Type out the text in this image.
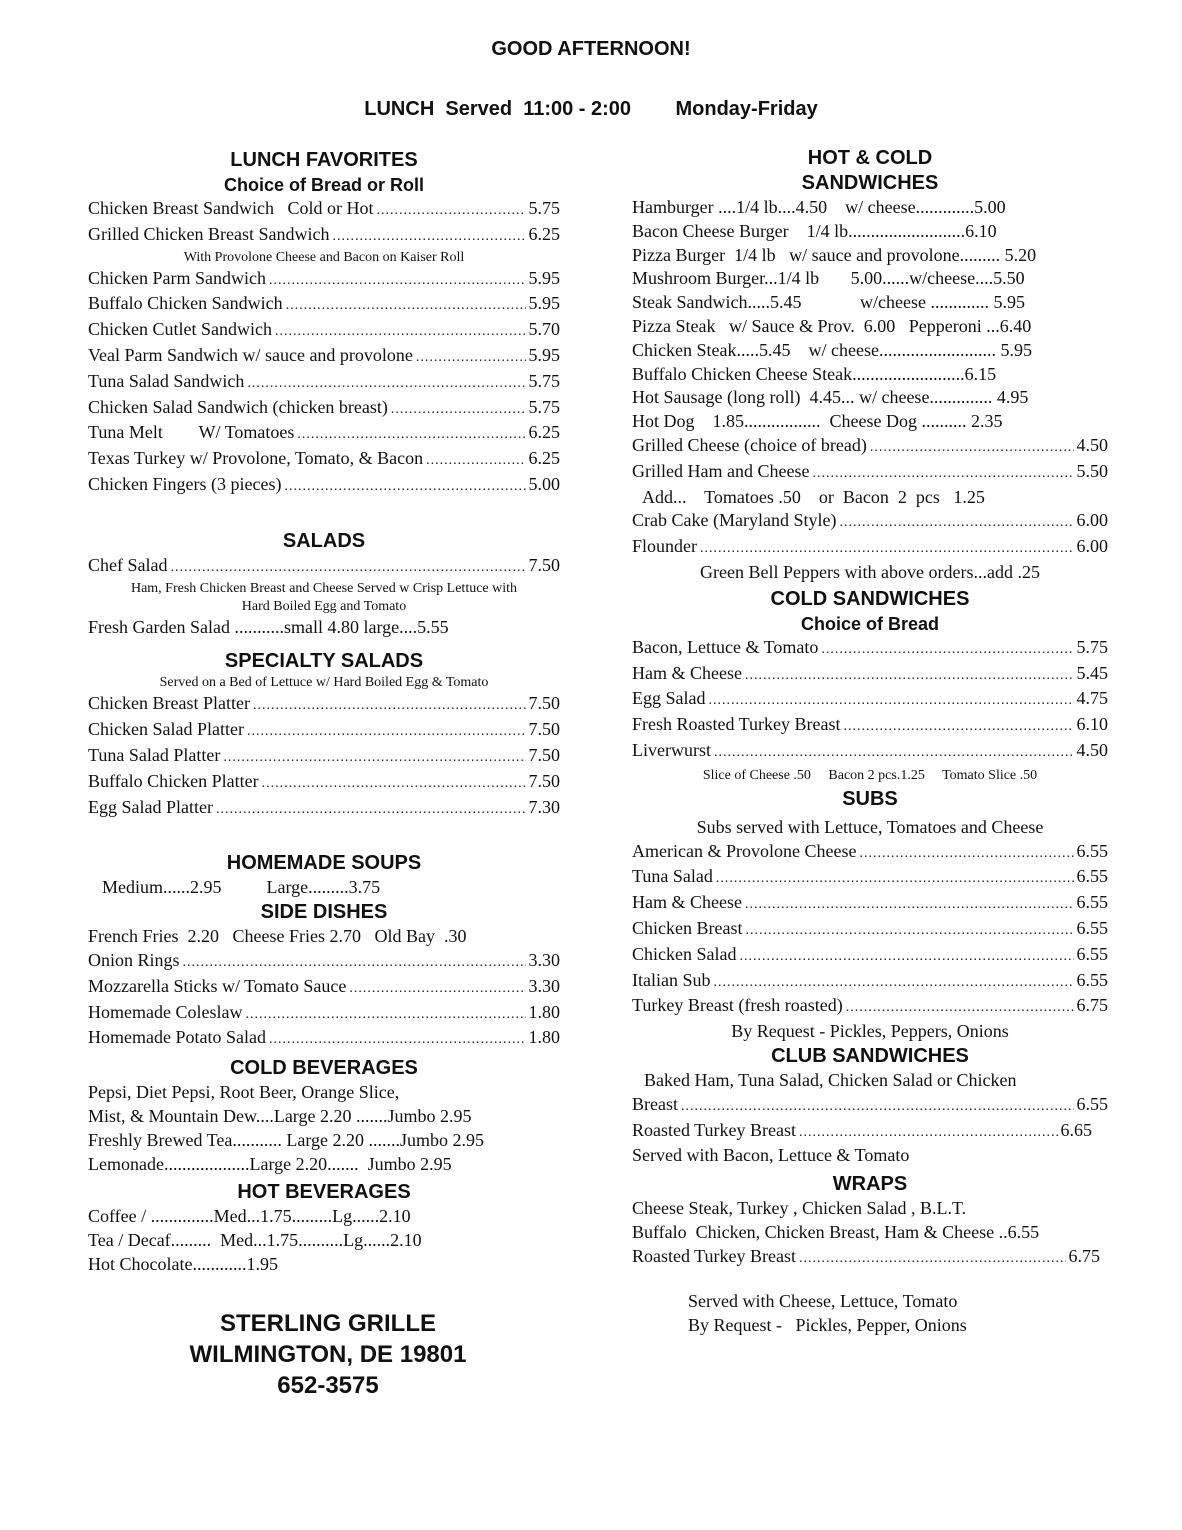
GOOD AFTERNOON!
LUNCH  Served  11:00 - 2:00        Monday-Friday
LUNCH FAVORITES
Choice of Bread or Roll
Chicken Breast Sandwich   Cold or Hot .....	5.75
Grilled Chicken Breast Sandwich .....	6.25
With Provolone Cheese and Bacon on Kaiser Roll
Chicken Parm Sandwich .....	5.95
Buffalo Chicken Sandwich .....	5.95
Chicken Cutlet Sandwich .....	5.70
Veal Parm Sandwich w/ sauce and provolone .....	5.95
Tuna Salad Sandwich .....	5.75
Chicken Salad Sandwich (chicken breast) .....	5.75
Tuna Melt        W/ Tomatoes .....	6.25
Texas Turkey w/ Provolone, Tomato, & Bacon .....	6.25
Chicken Fingers (3 pieces) .....	5.00
SALADS
Chef Salad .....	7.50
Ham, Fresh Chicken Breast and Cheese Served w Crisp Lettuce with Hard Boiled Egg and Tomato
Fresh Garden Salad ...........small 4.80 large....5.55
SPECIALTY SALADS
Served on a Bed of Lettuce w/ Hard Boiled Egg & Tomato
Chicken Breast Platter .....	7.50
Chicken Salad Platter .....	7.50
Tuna Salad Platter .....	7.50
Buffalo Chicken Platter .....	7.50
Egg Salad Platter .....	7.30
HOMEMADE SOUPS
Medium......2.95          Large.........3.75
SIDE DISHES
French Fries  2.20   Cheese Fries 2.70   Old Bay  .30
Onion Rings .....	3.30
Mozzarella Sticks w/ Tomato Sauce .....	3.30
Homemade Coleslaw .....	1.80
Homemade Potato Salad .....	1.80
COLD BEVERAGES
Pepsi, Diet Pepsi, Root Beer, Orange Slice,
Mist, & Mountain Dew....Large 2.20 .......Jumbo 2.95
Freshly Brewed Tea........... Large 2.20 .......Jumbo 2.95
Lemonade...................Large 2.20.......  Jumbo 2.95
HOT BEVERAGES
Coffee / ..............Med...1.75.........Lg......2.10
Tea / Decaf.........  Med...1.75..........Lg......2.10
Hot Chocolate............1.95
STERLING GRILLE
WILMINGTON, DE 19801
652-3575
HOT & COLD
SANDWICHES
Hamburger ....1/4 lb....4.50    w/ cheese.............5.00
Bacon Cheese Burger    1/4 lb..........................6.10
Pizza Burger  1/4 lb   w/ sauce and provolone......... 5.20
Mushroom Burger...1/4 lb       5.00......w/cheese....5.50
Steak Sandwich.....5.45             w/cheese ............. 5.95
Pizza Steak   w/ Sauce & Prov.  6.00   Pepperoni ...6.40
Chicken Steak.....5.45    w/ cheese.......................... 5.95
Buffalo Chicken Cheese Steak.........................6.15
Hot Sausage (long roll)  4.45... w/ cheese.............. 4.95
Hot Dog    1.85.................  Cheese Dog .......... 2.35
Grilled Cheese (choice of bread) .....	4.50
Grilled Ham and Cheese .....	5.50
Add...    Tomatoes .50    or  Bacon  2  pcs   1.25
Crab Cake (Maryland Style) .....	6.00
Flounder .....	6.00
Green Bell Peppers with above orders...add .25
COLD SANDWICHES
Choice of Bread
Bacon, Lettuce & Tomato .....	5.75
Ham & Cheese .....	5.45
Egg Salad .....	4.75
Fresh Roasted Turkey Breast .....	6.10
Liverwurst .....	4.50
Slice of Cheese .50     Bacon 2 pcs.1.25     Tomato Slice .50
SUBS
Subs served with Lettuce, Tomatoes and Cheese
American & Provolone Cheese .....	6.55
Tuna Salad .....	6.55
Ham & Cheese .....	6.55
Chicken Breast .....	6.55
Chicken Salad .....	6.55
Italian Sub .....	6.55
Turkey Breast (fresh roasted) .....	6.75
By Request - Pickles, Peppers, Onions
CLUB SANDWICHES
Baked Ham, Tuna Salad, Chicken Salad or Chicken
Breast .....	6.55
Roasted Turkey Breast .....	6.65
Served with Bacon, Lettuce & Tomato
WRAPS
Cheese Steak, Turkey , Chicken Salad , B.L.T.
Buffalo  Chicken, Chicken Breast, Ham & Cheese ..6.55
Roasted Turkey Breast .....	6.75
Served with Cheese, Lettuce, Tomato
By Request -   Pickles, Pepper, Onions
